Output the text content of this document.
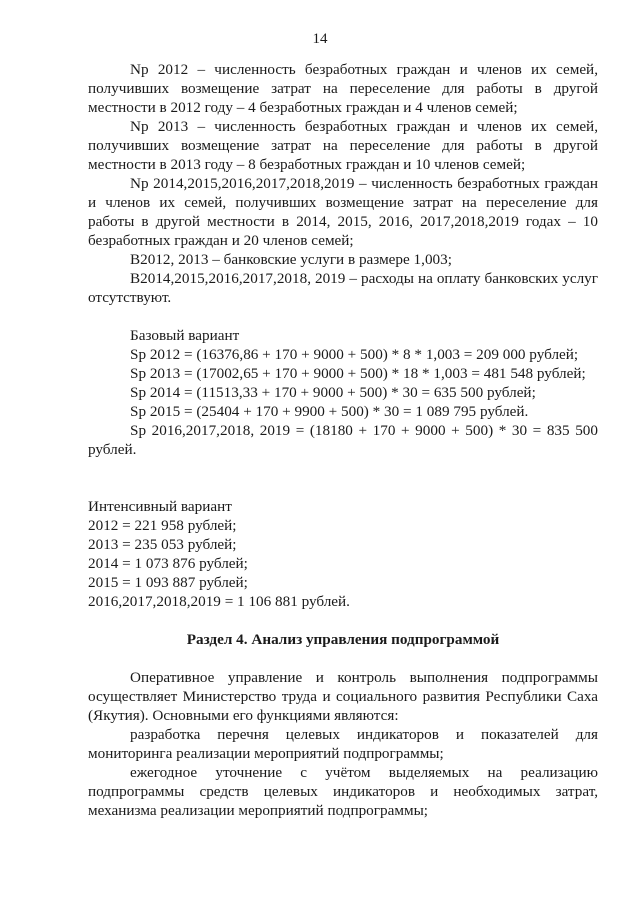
14

Np 2012 – численность безработных граждан и членов их семей, получивших возмещение затрат на переселение для работы в другой местности в 2012 году – 4 безработных граждан и 4 членов семей;

Np 2013 – численность безработных граждан и членов их семей, получивших возмещение затрат на переселение для работы в другой местности в 2013 году – 8 безработных граждан и 10 членов семей;

Np 2014,2015,2016,2017,2018,2019 – численность безработных граждан и членов их семей, получивших возмещение затрат на переселение для работы в другой местности в 2014, 2015, 2016, 2017,2018,2019 годах – 10 безработных граждан и 20 членов семей;

B2012, 2013 – банковские услуги в размере 1,003;

B2014,2015,2016,2017,2018, 2019 – расходы на оплату банковских услуг отсутствуют.

Базовый вариант

Sp 2012 = (16376,86 + 170 + 9000 + 500) * 8 * 1,003 = 209 000 рублей;

Sp 2013 = (17002,65 + 170 + 9000 + 500) * 18 * 1,003 = 481 548 рублей;

Sp 2014 = (11513,33 + 170 + 9000 + 500) * 30 = 635 500 рублей;

Sp 2015 = (25404 + 170 + 9900 + 500) * 30 = 1 089 795 рублей.

Sp 2016,2017,2018, 2019 = (18180 + 170 + 9000 + 500) * 30 = 835 500 рублей.

Интенсивный вариант

2012 = 221 958 рублей;

2013 = 235 053 рублей;

2014 = 1 073 876 рублей;

2015 = 1 093 887 рублей;

2016,2017,2018,2019 = 1 106 881 рублей.

Раздел 4. Анализ управления подпрограммой

Оперативное управление и контроль выполнения подпрограммы осуществляет Министерство труда и социального развития Республики Саха (Якутия). Основными его функциями являются:

разработка перечня целевых индикаторов и показателей для мониторинга реализации мероприятий подпрограммы;

ежегодное уточнение с учётом выделяемых на реализацию подпрограммы средств целевых индикаторов и необходимых затрат, механизма реализации мероприятий подпрограммы;
